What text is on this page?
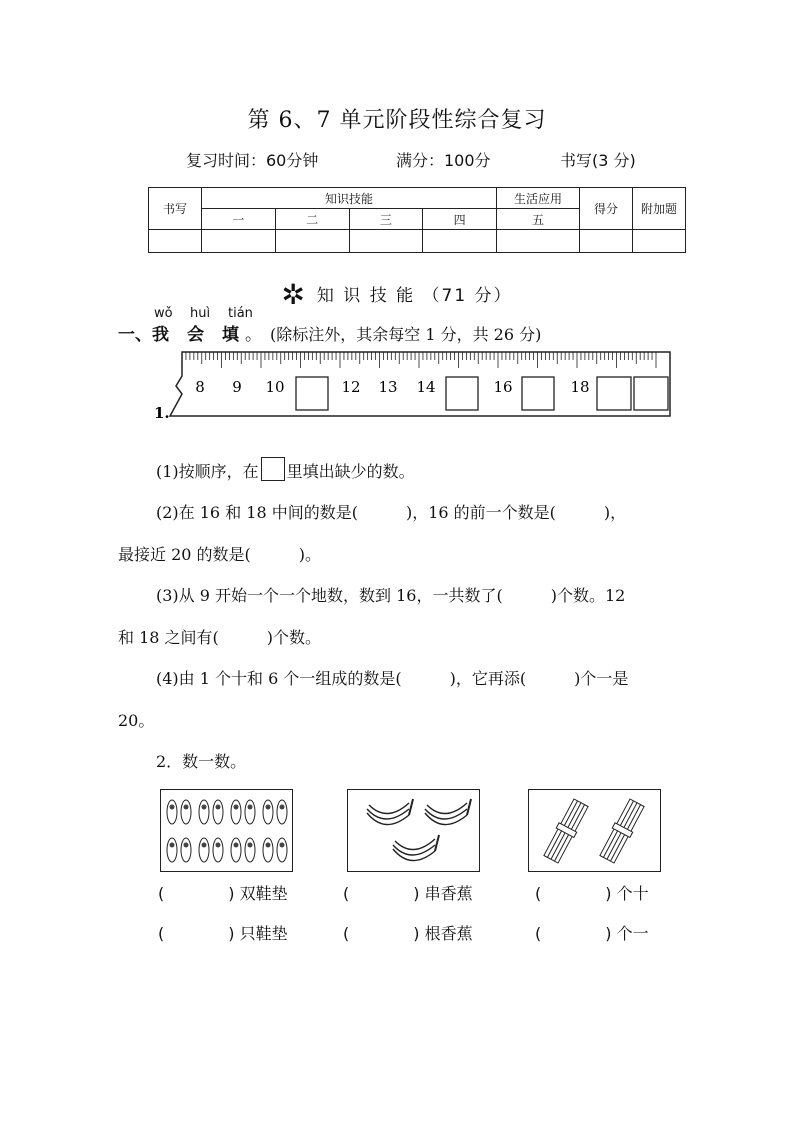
第 6、7 单元阶段性综合复习
复习时间：60分钟	满分：100分	书写(3 分)
书写	知识技能				生活应用	得分	附加题
	一	二	三	四	五		

✲ 知 识 技 能 （71 分）
wǒ huì tián
一、我 会 填 。 (除标注外，其余每空 1 分，共 26 分)
8 9 10	12 13 14	16	18
1.
(1)按顺序，在 里填出缺少的数。
(2)在 16 和 18 中间的数是(　　　)，16 的前一个数是(　　　)，
最接近 20 的数是(　　　)。
(3)从 9 开始一个一个地数，数到 16，一共数了(　　　)个数。12
和 18 之间有(　　　)个数。
(4)由 1 个十和 6 个一组成的数是(　　　)，它再添(　　　)个一是
20。
2．数一数。
(　　　　) 双鞋垫	(　　　　) 串香蕉	(　　　　) 个十
(　　　　) 只鞋垫	(　　　　) 根香蕉	(　　　　) 个一
